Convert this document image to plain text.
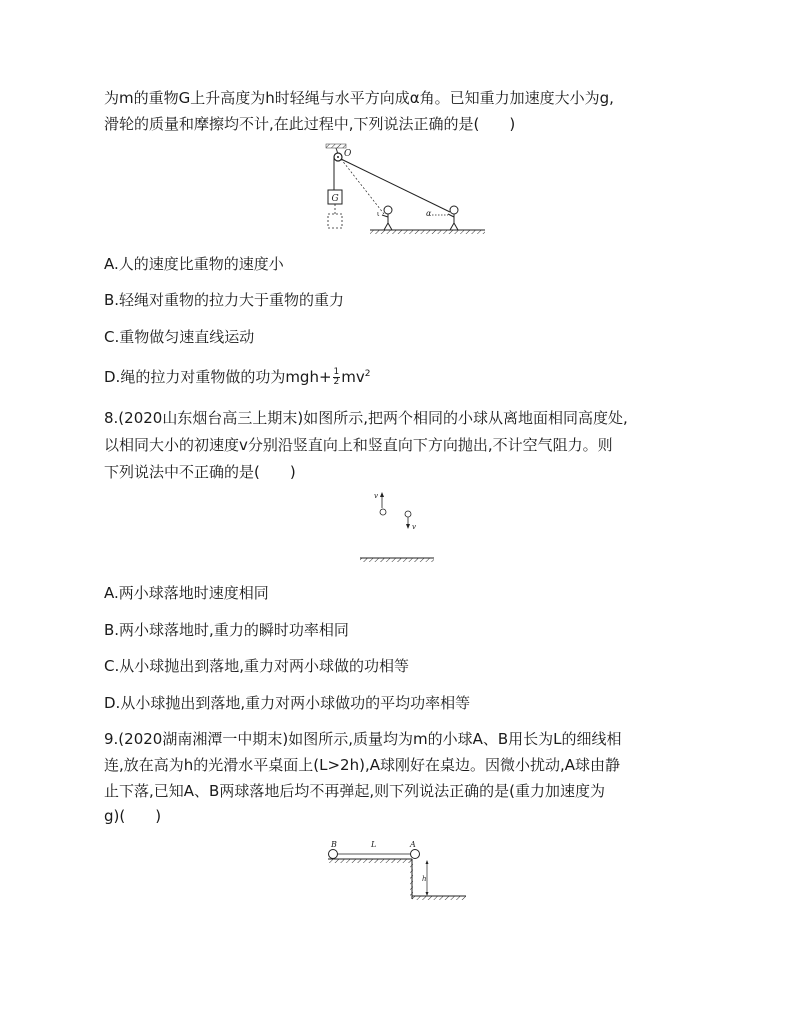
为m的重物G上升高度为h时轻绳与水平方向成α角。已知重力加速度大小为g,
滑轮的质量和摩擦均不计,在此过程中,下列说法正确的是(　　)
O
G
ι	α
A.人的速度比重物的速度小
B.轻绳对重物的拉力大于重物的重力
C.重物做匀速直线运动
D.绳的拉力对重物做的功为$mgh+ \frac{1}{2} mv^2$
8.(2020山东烟台高三上期末)如图所示,把两个相同的小球从离地面相同高度处,
以相同大小的初速度v分别沿竖直向上和竖直向下方向抛出,不计空气阻力。则
下列说法中不正确的是(　　)
v
v
A.两小球落地时速度相同
B.两小球落地时,重力的瞬时功率相同
C.从小球抛出到落地,重力对两小球做的功相等
D.从小球抛出到落地,重力对两小球做功的平均功率相等
9.(2020湖南湘潭一中期末)如图所示,质量均为m的小球A、B用长为L的细线相
连,放在高为h的光滑水平桌面上(L>2h),A球刚好在桌边。因微小扰动,A球由静
止下落,已知A、B两球落地后均不再弹起,则下列说法正确的是(重力加速度为
g)(　　)
B	L	A
h
